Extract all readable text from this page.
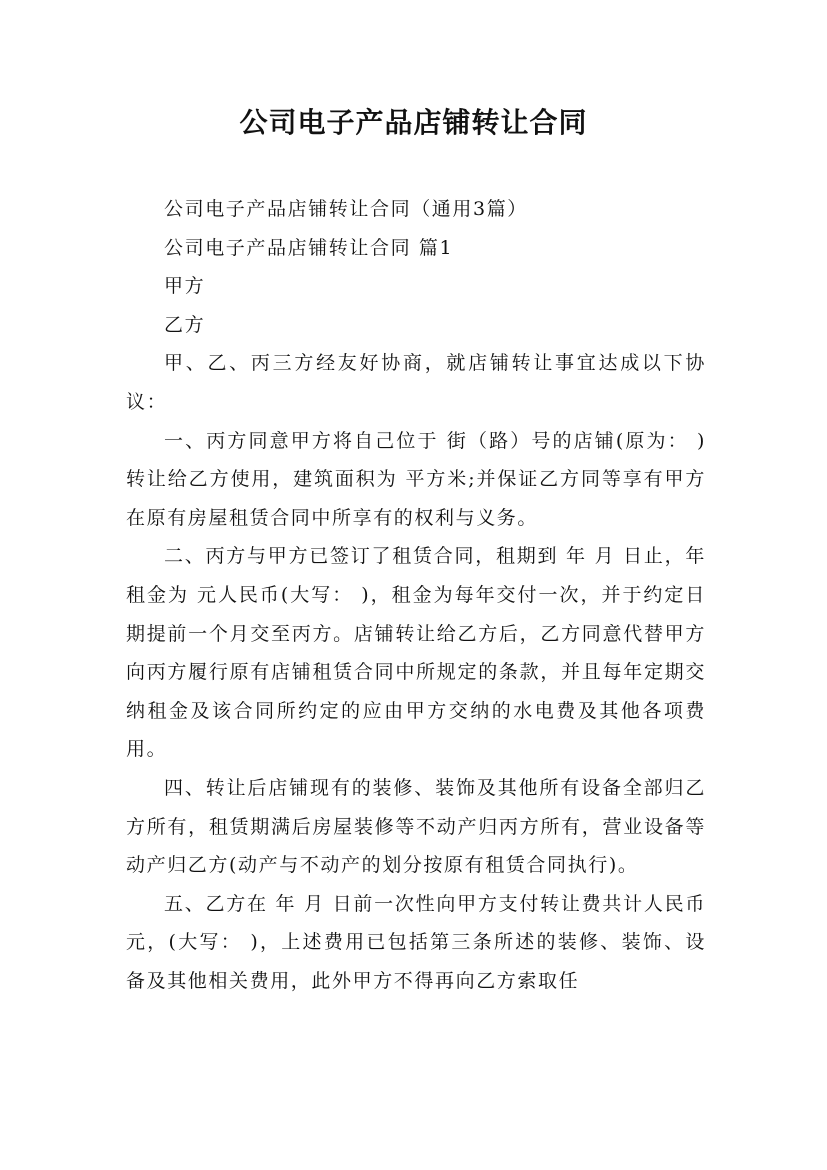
公司电子产品店铺转让合同

公司电子产品店铺转让合同（通用3篇）

公司电子产品店铺转让合同 篇1

甲方

乙方

甲、乙、丙三方经友好协商，就店铺转让事宜达成以下协议：

一、丙方同意甲方将自己位于 街（路）号的店铺(原为： )转让给乙方使用，建筑面积为 平方米;并保证乙方同等享有甲方在原有房屋租赁合同中所享有的权利与义务。

二、丙方与甲方已签订了租赁合同，租期到 年 月 日止，年租金为 元人民币(大写： )，租金为每年交付一次，并于约定日期提前一个月交至丙方。店铺转让给乙方后，乙方同意代替甲方向丙方履行原有店铺租赁合同中所规定的条款，并且每年定期交纳租金及该合同所约定的应由甲方交纳的水电费及其他各项费用。

四、转让后店铺现有的装修、装饰及其他所有设备全部归乙方所有，租赁期满后房屋装修等不动产归丙方所有，营业设备等动产归乙方(动产与不动产的划分按原有租赁合同执行)。

五、乙方在 年 月 日前一次性向甲方支付转让费共计人民币 元，(大写： )，上述费用已包括第三条所述的装修、装饰、设备及其他相关费用，此外甲方不得再向乙方索取任
